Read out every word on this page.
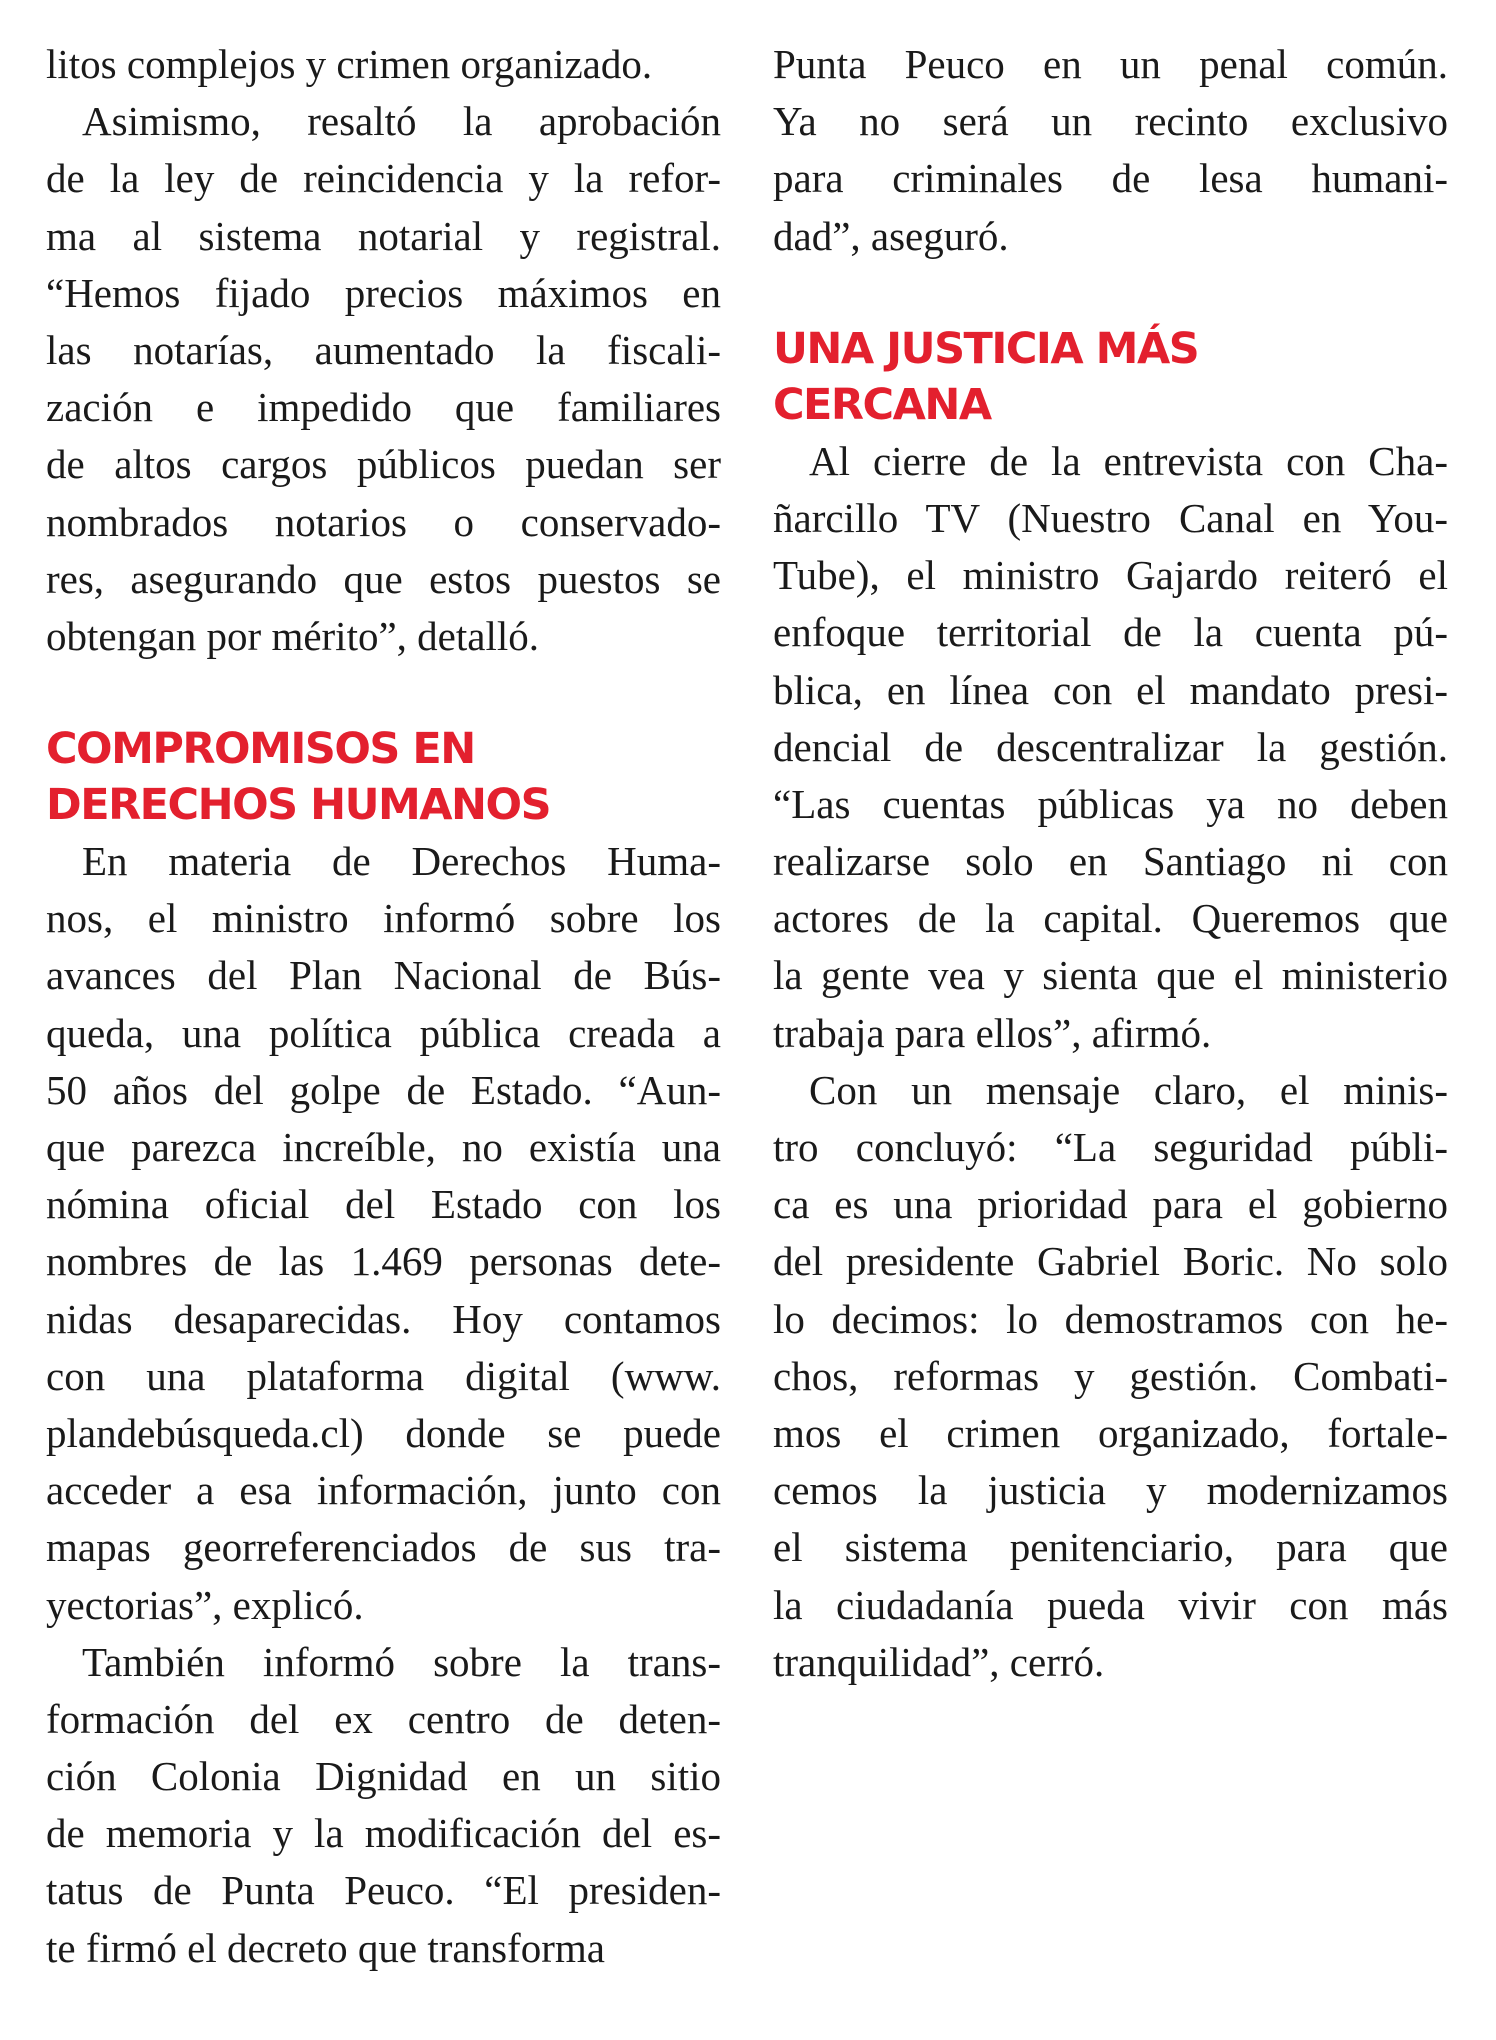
litos complejos y crimen organizado.
Asimismo, resaltó la aprobación
de la ley de reincidencia y la refor-
ma al sistema notarial y registral.
“Hemos fijado precios máximos en
las notarías, aumentado la fiscali-
zación e impedido que familiares
de altos cargos públicos puedan ser
nombrados notarios o conservado-
res, asegurando que estos puestos se
obtengan por mérito”, detalló.
COMPROMISOS EN
DERECHOS HUMANOS
En materia de Derechos Huma-
nos, el ministro informó sobre los
avances del Plan Nacional de Bús-
queda, una política pública creada a
50 años del golpe de Estado. “Aun-
que parezca increíble, no existía una
nómina oficial del Estado con los
nombres de las 1.469 personas dete-
nidas desaparecidas. Hoy contamos
con una plataforma digital (www.
plandebúsqueda.cl) donde se puede
acceder a esa información, junto con
mapas georreferenciados de sus tra-
yectorias”, explicó.
También informó sobre la trans-
formación del ex centro de deten-
ción Colonia Dignidad en un sitio
de memoria y la modificación del es-
tatus de Punta Peuco. “El presiden-
te firmó el decreto que transforma
Punta Peuco en un penal común.
Ya no será un recinto exclusivo
para criminales de lesa humani-
dad”, aseguró.
UNA JUSTICIA MÁS
CERCANA
Al cierre de la entrevista con Cha-
ñarcillo TV (Nuestro Canal en You-
Tube), el ministro Gajardo reiteró el
enfoque territorial de la cuenta pú-
blica, en línea con el mandato presi-
dencial de descentralizar la gestión.
“Las cuentas públicas ya no deben
realizarse solo en Santiago ni con
actores de la capital. Queremos que
la gente vea y sienta que el ministerio
trabaja para ellos”, afirmó.
Con un mensaje claro, el minis-
tro concluyó: “La seguridad públi-
ca es una prioridad para el gobierno
del presidente Gabriel Boric. No solo
lo decimos: lo demostramos con he-
chos, reformas y gestión. Combati-
mos el crimen organizado, fortale-
cemos la justicia y modernizamos
el sistema penitenciario, para que
la ciudadanía pueda vivir con más
tranquilidad”, cerró.
